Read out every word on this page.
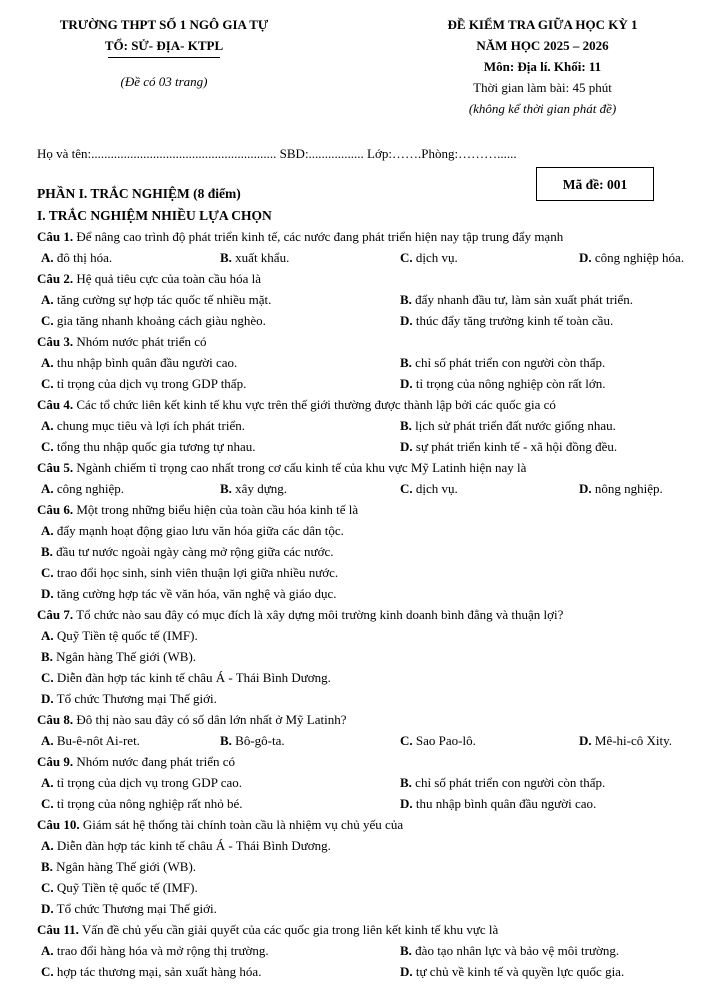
TRƯỜNG THPT SỐ 1 NGÔ GIA TỰ
TỔ: SỬ- ĐỊA- KTPL
(Đề có 03 trang)
ĐỀ KIỂM TRA GIỮA HỌC KỲ 1
NĂM HỌC 2025 – 2026
Môn: Địa lí. Khối: 11
Thời gian làm bài: 45 phút
(không kể thời gian phát đề)
Họ và tên:......................................................... SBD:................. Lớp:…….Phòng:………......
Mã đề: 001
PHẦN I. TRẮC NGHIỆM (8 điểm)
I. TRẮC NGHIỆM NHIỀU LỰA CHỌN
Câu 1. Để nâng cao trình độ phát triển kinh tế, các nước đang phát triển hiện nay tập trung đẩy mạnh
A. đô thị hóa.	B. xuất khẩu.	C. dịch vụ.	D. công nghiệp hóa.
Câu 2. Hệ quả tiêu cực của toàn cầu hóa là
A. tăng cường sự hợp tác quốc tế nhiều mặt.	B. đẩy nhanh đầu tư, làm sản xuất phát triển.
C. gia tăng nhanh khoảng cách giàu nghèo.	D. thúc đẩy tăng trưởng kinh tế toàn cầu.
Câu 3. Nhóm nước phát triển có
A. thu nhập bình quân đầu người cao.	B. chỉ số phát triển con người còn thấp.
C. tỉ trọng của dịch vụ trong GDP thấp.	D. tỉ trọng của nông nghiệp còn rất lớn.
Câu 4. Các tổ chức liên kết kinh tế khu vực trên thế giới thường được thành lập bởi các quốc gia có
A. chung mục tiêu và lợi ích phát triển.	B. lịch sử phát triển đất nước giống nhau.
C. tổng thu nhập quốc gia tương tự nhau.	D. sự phát triển kinh tế - xã hội đồng đều.
Câu 5. Ngành chiếm tỉ trọng cao nhất trong cơ cấu kinh tế của khu vực Mỹ Latinh hiện nay là
A. công nghiệp.	B. xây dựng.	C. dịch vụ.	D. nông nghiệp.
Câu 6. Một trong những biểu hiện của toàn cầu hóa kinh tế là
A. đẩy mạnh hoạt động giao lưu văn hóa giữa các dân tộc.
B. đầu tư nước ngoài ngày càng mở rộng giữa các nước.
C. trao đổi học sinh, sinh viên thuận lợi giữa nhiều nước.
D. tăng cường hợp tác về văn hóa, văn nghệ và giáo dục.
Câu 7. Tổ chức nào sau đây có mục đích là xây dựng môi trường kinh doanh bình đẳng và thuận lợi?
A. Quỹ Tiền tệ quốc tế (IMF).
B. Ngân hàng Thế giới (WB).
C. Diễn đàn hợp tác kinh tế châu Á - Thái Bình Dương.
D. Tổ chức Thương mại Thế giới.
Câu 8. Đô thị nào sau đây có số dân lớn nhất ở Mỹ Latinh?
A. Bu-ê-nôt Ai-ret.	B. Bô-gô-ta.	C. Sao Pao-lô.	D. Mê-hi-cô Xity.
Câu 9. Nhóm nước đang phát triển có
A. tỉ trọng của dịch vụ trong GDP cao.	B. chỉ số phát triển con người còn thấp.
C. tỉ trọng của nông nghiệp rất nhỏ bé.	D. thu nhập bình quân đầu người cao.
Câu 10. Giám sát hệ thống tài chính toàn cầu là nhiệm vụ chủ yếu của
A. Diễn đàn hợp tác kinh tế châu Á - Thái Bình Dương.
B. Ngân hàng Thế giới (WB).
C. Quỹ Tiền tệ quốc tế (IMF).
D. Tổ chức Thương mại Thế giới.
Câu 11. Vấn đề chủ yếu cần giải quyết của các quốc gia trong liên kết kinh tế khu vực là
A. trao đổi hàng hóa và mở rộng thị trường.	B. đào tạo nhân lực và bảo vệ môi trường.
C. hợp tác thương mại, sản xuất hàng hóa.	D. tự chủ về kinh tế và quyền lực quốc gia.
